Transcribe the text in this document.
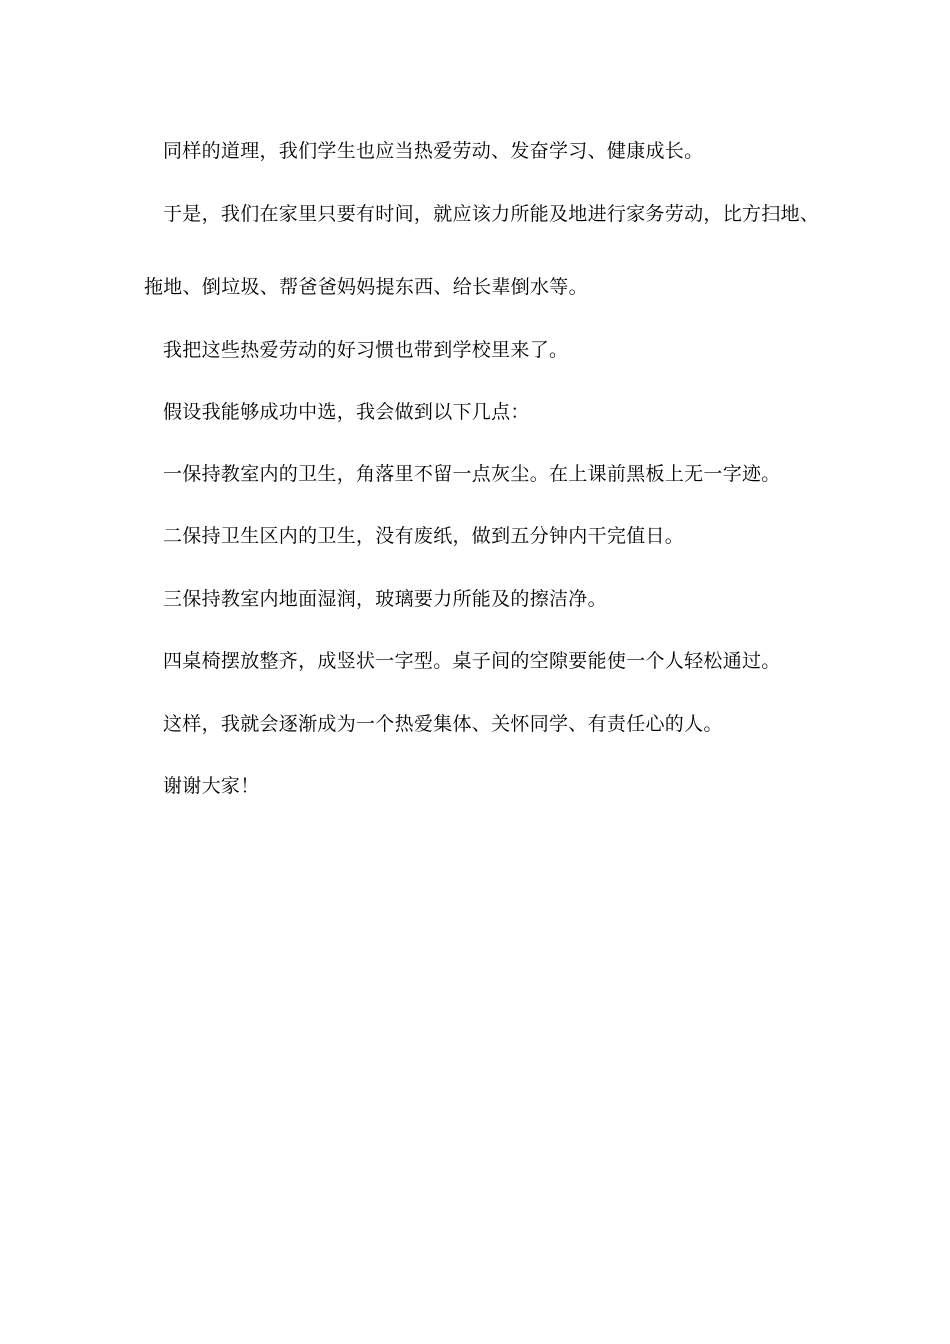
同样的道理，我们学生也应当热爱劳动、发奋学习、健康成长。
于是，我们在家里只要有时间，就应该力所能及地进行家务劳动，比方扫地、
拖地、倒垃圾、帮爸爸妈妈提东西、给长辈倒水等。
我把这些热爱劳动的好习惯也带到学校里来了。
假设我能够成功中选，我会做到以下几点：
一保持教室内的卫生，角落里不留一点灰尘。在上课前黑板上无一字迹。
二保持卫生区内的卫生，没有废纸，做到五分钟内干完值日。
三保持教室内地面湿润，玻璃要力所能及的擦洁净。
四桌椅摆放整齐，成竖状一字型。桌子间的空隙要能使一个人轻松通过。
这样，我就会逐渐成为一个热爱集体、关怀同学、有责任心的人。
谢谢大家！
